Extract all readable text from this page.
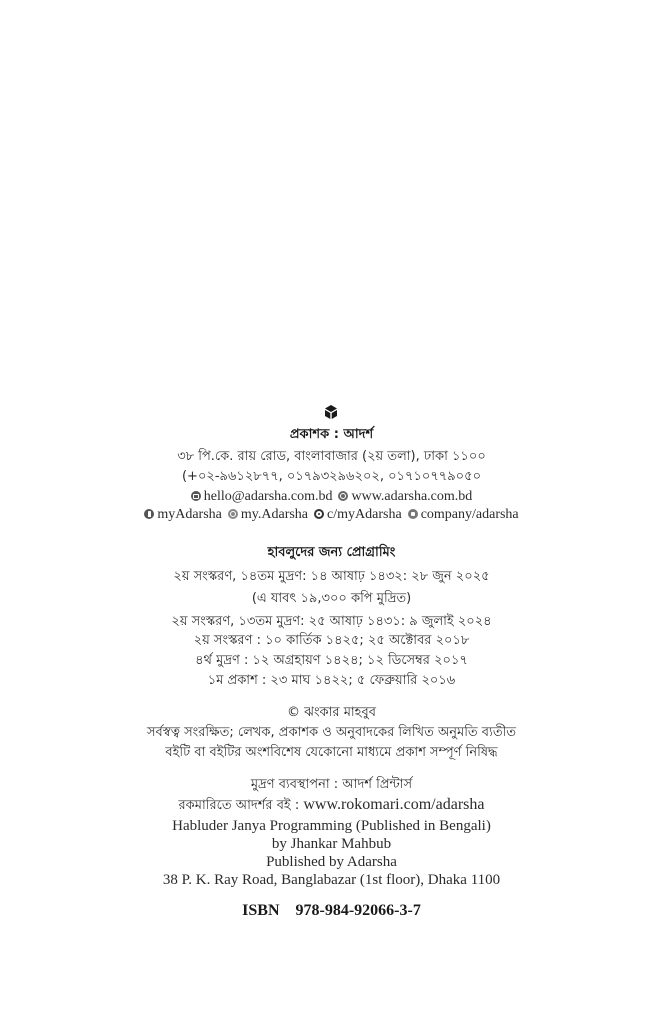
প্রকাশক : আদর্শ
৩৮ পি.কে. রায় রোড, বাংলাবাজার (২য় তলা), ঢাকা ১১০০
(+০২-৯৬১২৮৭৭, ০১৭৯৩২৯৬২০২, ০১৭১০৭৭৯০৫০
hello@adarsha.com.bd www.adarsha.com.bd
myAdarsha my.Adarsha c/myAdarsha company/adarsha
হাবলুদের জন্য প্রোগ্রামিং
২য় সংস্করণ, ১৪তম মুদ্রণ: ১৪ আষাঢ় ১৪৩২: ২৮ জুন ২০২৫
(এ যাবৎ ১৯,৩০০ কপি মুদ্রিত)
২য় সংস্করণ, ১৩তম মুদ্রণ: ২৫ আষাঢ় ১৪৩১: ৯ জুলাই ২০২৪
২য় সংস্করণ : ১০ কার্তিক ১৪২৫; ২৫ অক্টোবর ২০১৮
৪র্থ মুদ্রণ : ১২ অগ্রহায়ণ ১৪২৪; ১২ ডিসেম্বর ২০১৭
১ম প্রকাশ : ২৩ মাঘ ১৪২২; ৫ ফেব্রুয়ারি ২০১৬
© ঝংকার মাহবুব
সর্বস্বত্ব সংরক্ষিত; লেখক, প্রকাশক ও অনুবাদকের লিখিত অনুমতি ব্যতীত
বইটি বা বইটির অংশবিশেষ যেকোনো মাধ্যমে প্রকাশ সম্পূর্ণ নিষিদ্ধ
মুদ্রণ ব্যবস্থাপনা : আদর্শ প্রিন্টার্স
রকমারিতে আদর্শর বই : www.rokomari.com/adarsha
Habluder Janya Programming (Published in Bengali)
by Jhankar Mahbub
Published by Adarsha
38 P. K. Ray Road, Banglabazar (1st floor), Dhaka 1100
ISBN  978-984-92066-3-7
